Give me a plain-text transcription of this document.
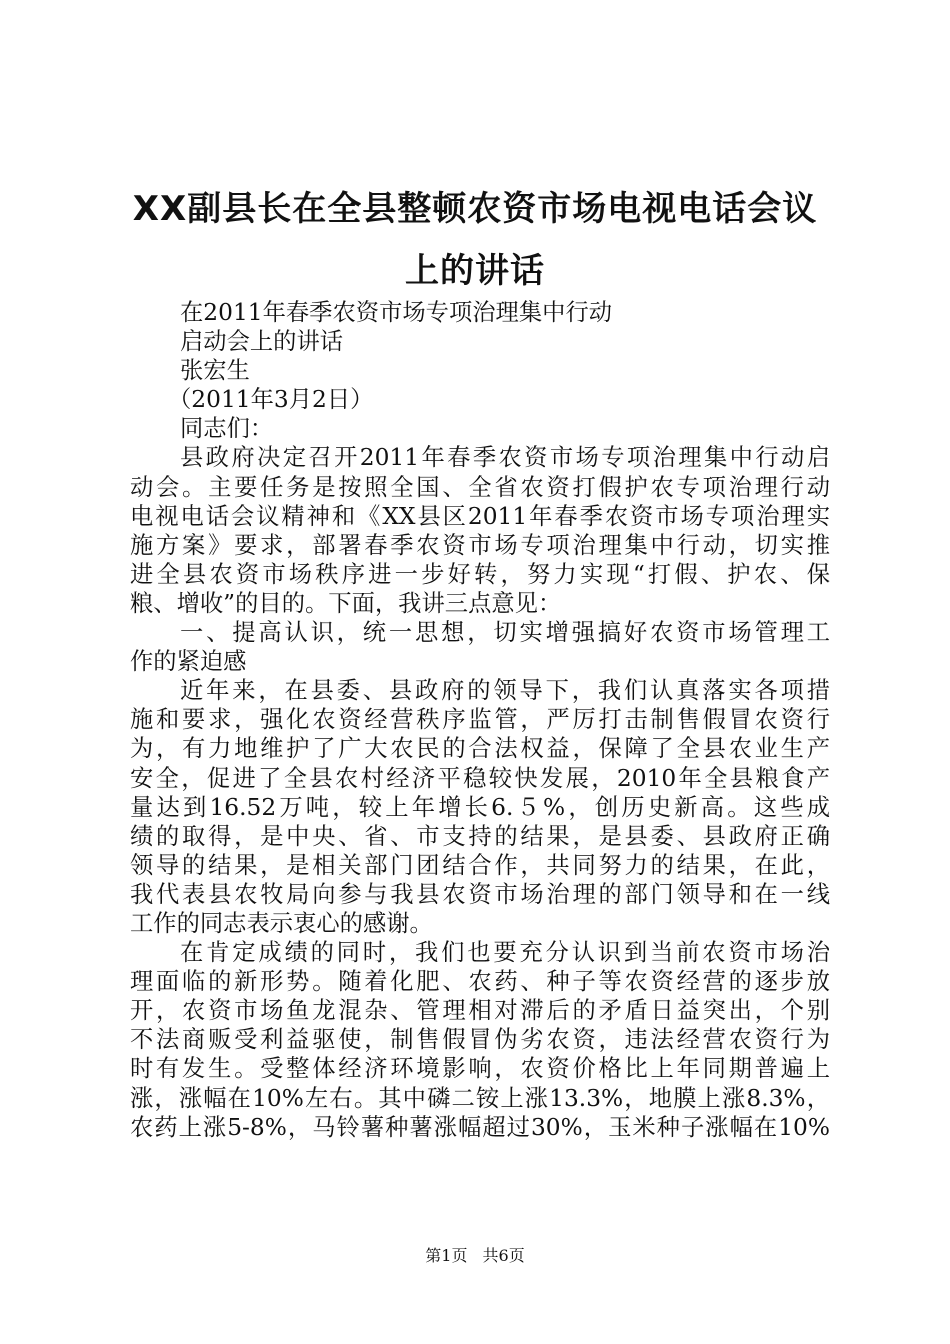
XX副县长在全县整顿农资市场电视电话会议
上的讲话
在2011年春季农资市场专项治理集中行动
启动会上的讲话
张宏生
（2011年3月2日）
同志们：
县政府决定召开2011年春季农资市场专项治理集中行动启
动会。主要任务是按照全国、全省农资打假护农专项治理行动
电视电话会议精神和《XX县区2011年春季农资市场专项治理实
施方案》要求，部署春季农资市场专项治理集中行动，切实推
进全县农资市场秩序进一步好转，努力实现“打假、护农、保
粮、增收”的目的。下面，我讲三点意见：
一、提高认识，统一思想，切实增强搞好农资市场管理工
作的紧迫感
近年来，在县委、县政府的领导下，我们认真落实各项措
施和要求，强化农资经营秩序监管，严厉打击制售假冒农资行
为，有力地维护了广大农民的合法权益，保障了全县农业生产
安全，促进了全县农村经济平稳较快发展，2010年全县粮食产
量达到16.52万吨，较上年增长6.５%，创历史新高。这些成
绩的取得，是中央、省、市支持的结果，是县委、县政府正确
领导的结果，是相关部门团结合作，共同努力的结果，在此，
我代表县农牧局向参与我县农资市场治理的部门领导和在一线
工作的同志表示衷心的感谢。
在肯定成绩的同时，我们也要充分认识到当前农资市场治
理面临的新形势。随着化肥、农药、种子等农资经营的逐步放
开，农资市场鱼龙混杂、管理相对滞后的矛盾日益突出，个别
不法商贩受利益驱使，制售假冒伪劣农资，违法经营农资行为
时有发生。受整体经济环境影响，农资价格比上年同期普遍上
涨，涨幅在10%左右。其中磷二铵上涨13.3%，地膜上涨8.3%，
农药上涨5-8%，马铃薯种薯涨幅超过30%，玉米种子涨幅在10%
第1页 共6页
